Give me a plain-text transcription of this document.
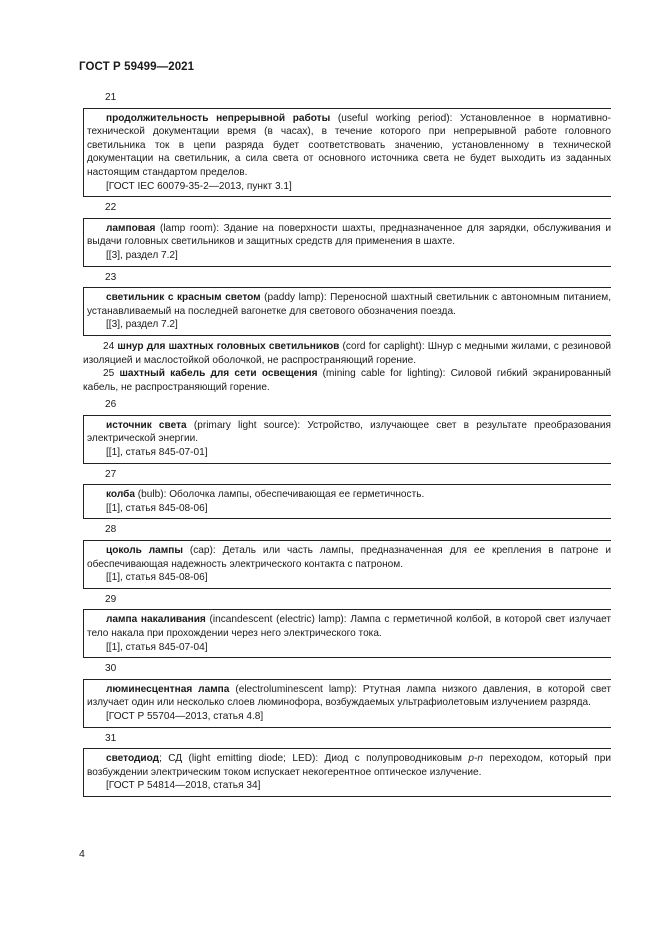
ГОСТ Р 59499—2021
21
продолжительность непрерывной работы (useful working period): Установленное в нормативно-технической документации время (в часах), в течение которого при непрерывной работе головного светильника ток в цепи разряда будет соответствовать значению, установленному в технической документации на светильник, а сила света от основного источника света не будет выходить из заданных настоящим стандартом пределов.
[ГОСТ IEC 60079-35-2—2013, пункт 3.1]
22
ламповая (lamp room): Здание на поверхности шахты, предназначенное для зарядки, обслуживания и выдачи головных светильников и защитных средств для применения в шахте.
[[3], раздел 7.2]
23
светильник с красным светом (paddy lamp): Переносной шахтный светильник с автономным питанием, устанавливаемый на последней вагонетке для светового обозначения поезда.
[[3], раздел 7.2]
24 шнур для шахтных головных светильников (cord for caplight): Шнур с медными жилами, с резиновой изоляцией и маслостойкой оболочкой, не распространяющий горение.
25 шахтный кабель для сети освещения (mining cable for lighting): Силовой гибкий экранированный кабель, не распространяющий горение.
26
источник света (primary light source): Устройство, излучающее свет в результате преобразования электрической энергии.
[[1], статья 845-07-01]
27
колба (bulb): Оболочка лампы, обеспечивающая ее герметичность.
[[1], статья 845-08-06]
28
цоколь лампы (cap): Деталь или часть лампы, предназначенная для ее крепления в патроне и обеспечивающая надежность электрического контакта с патроном.
[[1], статья 845-08-06]
29
лампа накаливания (incandescent (electric) lamp): Лампа с герметичной колбой, в которой свет излучает тело накала при прохождении через него электрического тока.
[[1], статья 845-07-04]
30
люминесцентная лампа (electroluminescent lamp): Ртутная лампа низкого давления, в которой свет излучает один или несколько слоев люминофора, возбуждаемых ультрафиолетовым излучением разряда.
[ГОСТ Р 55704—2013, статья 4.8]
31
светодиод; СД (light emitting diode; LED): Диод с полупроводниковым p-n переходом, который при возбуждении электрическим током испускает некогерентное оптическое излучение.
[ГОСТ Р 54814—2018, статья 34]
4
